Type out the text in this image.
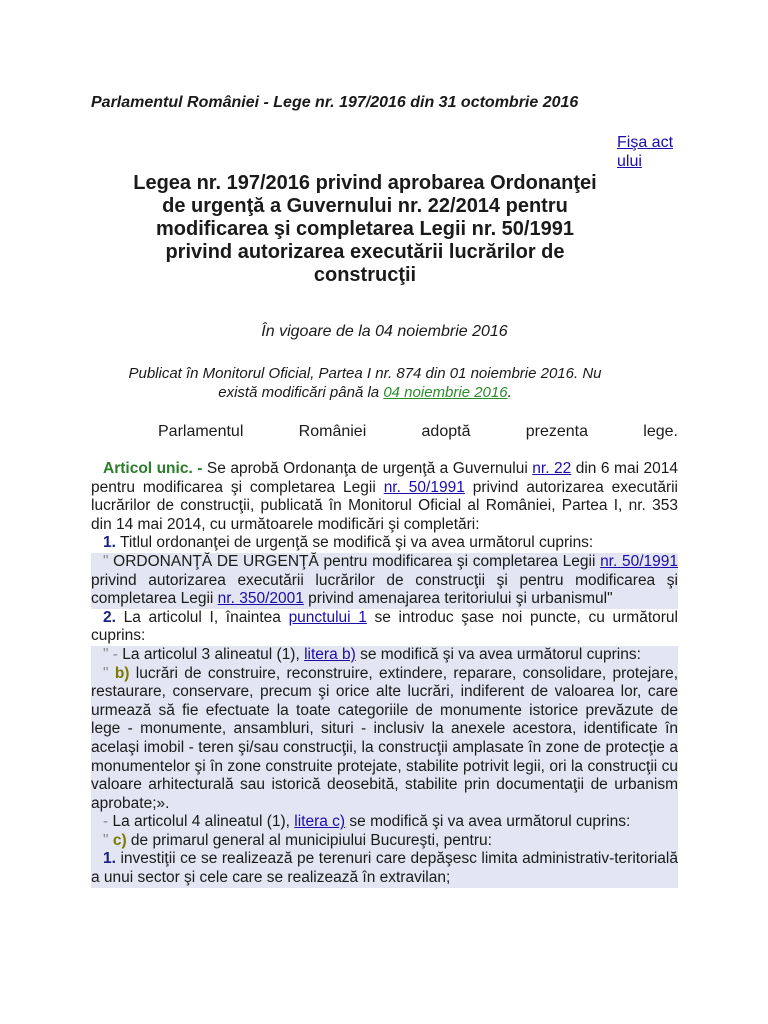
Parlamentul României - Lege nr. 197/2016 din 31 octombrie 2016
Fişa actului
Legea nr. 197/2016 privind aprobarea Ordonanţei de urgenţă a Guvernului nr. 22/2014 pentru modificarea şi completarea Legii nr. 50/1991 privind autorizarea executării lucrărilor de construcţii
În vigoare de la 04 noiembrie 2016
Publicat în Monitorul Oficial, Partea I nr. 874 din 01 noiembrie 2016. Nu există modificări până la 04 noiembrie 2016.
Parlamentul	României	adoptă	prezenta	lege.

Articol unic. - Se aprobă Ordonanţa de urgenţă a Guvernului nr. 22 din 6 mai 2014 pentru modificarea şi completarea Legii nr. 50/1991 privind autorizarea executării lucrărilor de construcţii, publicată în Monitorul Oficial al României, Partea I, nr. 353 din 14 mai 2014, cu următoarele modificări şi completări:

1. Titlul ordonanţei de urgenţă se modifică şi va avea următorul cuprins:

" ORDONANŢĂ DE URGENŢĂ pentru modificarea şi completarea Legii nr. 50/1991 privind autorizarea executării lucrărilor de construcţii şi pentru modificarea şi completarea Legii nr. 350/2001 privind amenajarea teritoriului şi urbanismul"

2. La articolul I, înaintea punctului 1 se introduc şase noi puncte, cu următorul cuprins:

" - La articolul 3 alineatul (1), litera b) se modifică şi va avea următorul cuprins:

" b) lucrări de construire, reconstruire, extindere, reparare, consolidare, protejare, restaurare, conservare, precum şi orice alte lucrări, indiferent de valoarea lor, care urmează să fie efectuate la toate categoriile de monumente istorice prevăzute de lege - monumente, ansambluri, situri - inclusiv la anexele acestora, identificate în acelaşi imobil - teren şi/sau construcţii, la construcţii amplasate în zone de protecţie a monumentelor şi în zone construite protejate, stabilite potrivit legii, ori la construcţii cu valoare arhitecturală sau istorică deosebită, stabilite prin documentaţii de urbanism aprobate;».

- La articolul 4 alineatul (1), litera c) se modifică şi va avea următorul cuprins:

" c) de primarul general al municipiului Bucureşti, pentru:

1. investiţii ce se realizează pe terenuri care depăşesc limita administrativ-teritorială a unui sector şi cele care se realizează în extravilan;
